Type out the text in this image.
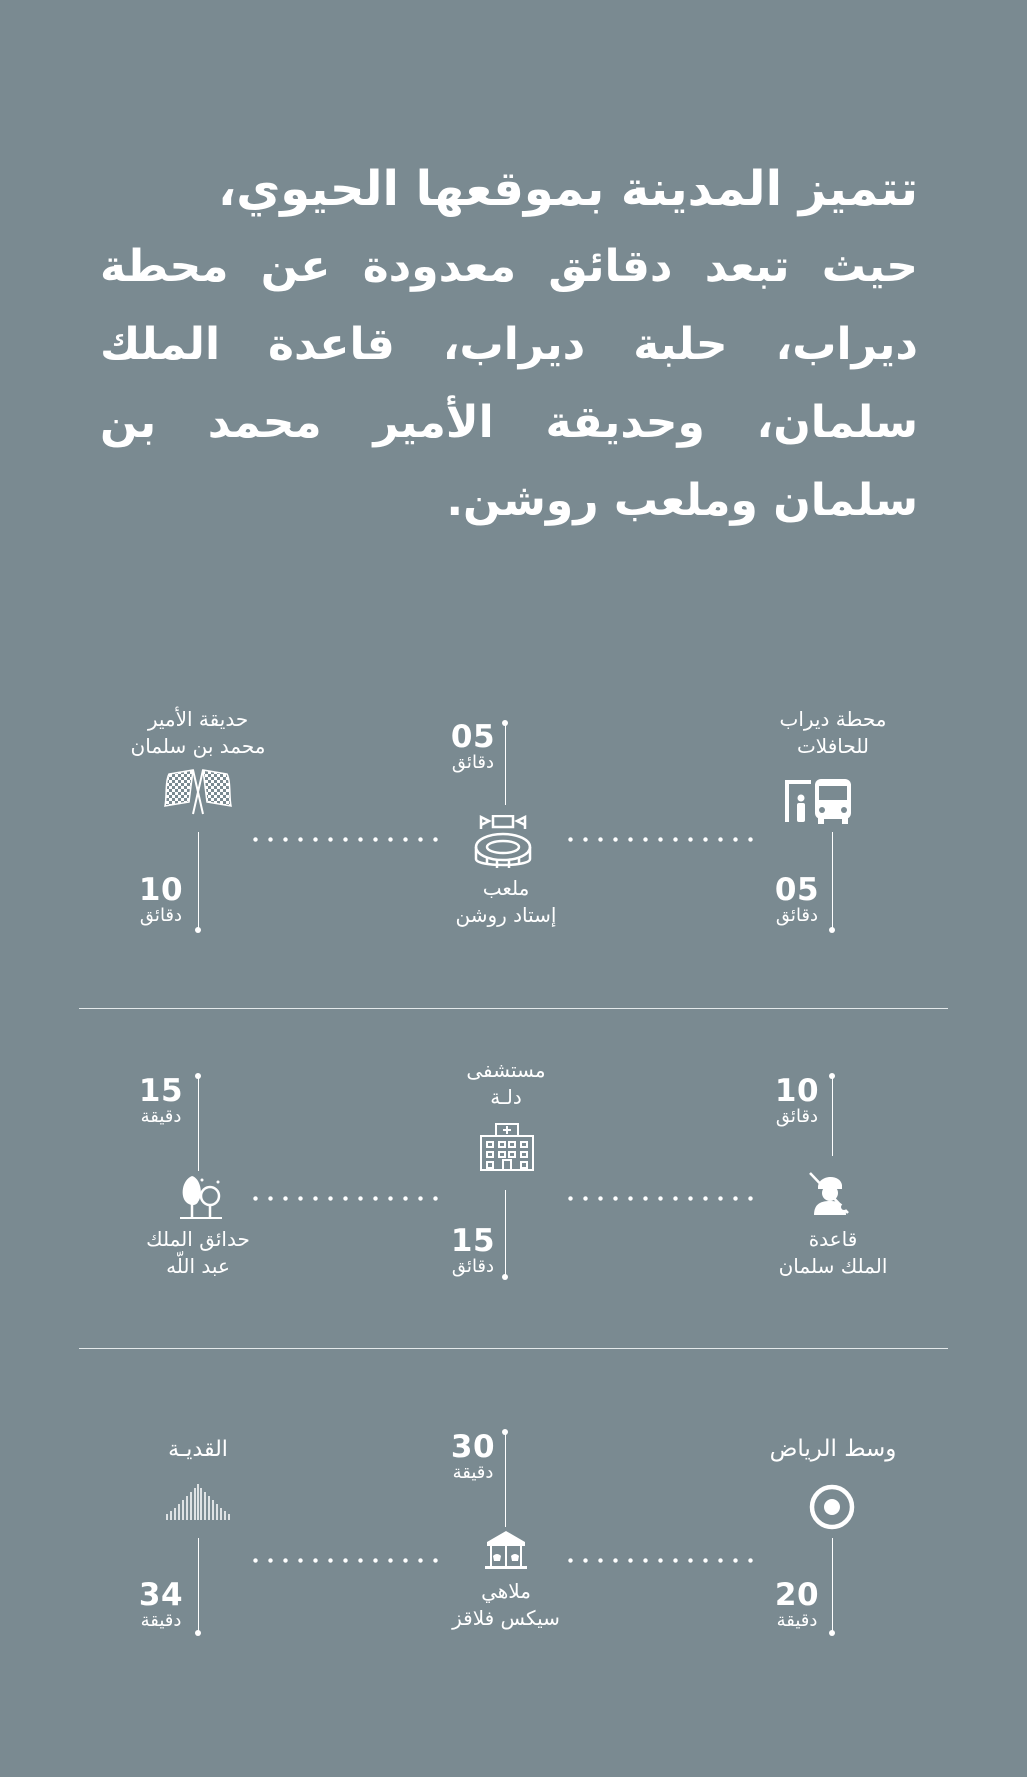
تتميز المدينة بموقعها الحيوي،
حيث تبعد دقائق معدودة عن محطة ديراب، حلبة ديراب، قاعدة الملك سلمان، وحديقة الأمير محمد بن سلمان وملعب روشن.
محطة ديراب
للحافلات
05
دقائق
05
دقائق
ملعب
إستاد روشن
حديقة الأمير
محمد بن سلمان
10
دقائق
10
دقائق
قاعدة
الملك سلمان
مستشفى
دلـة
15
دقائق
15
دقيقة
حدائق الملك
عبد اللّه
وسط الرياض
20
دقيقة
30
دقيقة
ملاهي
سيكس فلاقز
القديـة
34
دقيقة
